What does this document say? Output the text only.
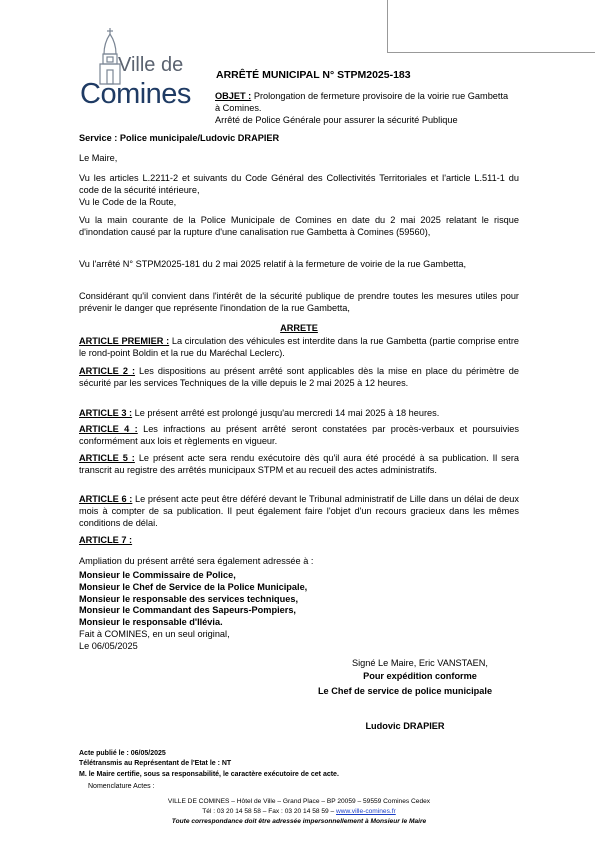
Ville de
Comines
ARRÊTÉ MUNICIPAL N° STPM2025-183
OBJET : Prolongation de fermeture provisoire de la voirie rue Gambetta à Comines.
Arrêté de Police Générale pour assurer la sécurité Publique
Service : Police municipale/Ludovic DRAPIER
Le Maire,
Vu les articles L.2211-2 et suivants du Code Général des Collectivités Territoriales et l'article L.511-1 du code de la sécurité intérieure,
Vu le Code de la Route,
Vu la main courante de la Police Municipale de Comines en date du 2 mai 2025 relatant le risque d'inondation causé par la rupture d'une canalisation rue Gambetta à Comines (59560),
Vu l'arrêté N° STPM2025-181 du 2 mai 2025 relatif à la fermeture de voirie de la rue Gambetta,
Considérant qu'il convient dans l'intérêt de la sécurité publique de prendre toutes les mesures utiles pour prévenir le danger que représente l'inondation de la rue Gambetta,
ARRETE
ARTICLE PREMIER : La circulation des véhicules est interdite dans la rue Gambetta (partie comprise entre le rond-point Boldin et la rue du Maréchal Leclerc).
ARTICLE 2 : Les dispositions au présent arrêté sont applicables dès la mise en place du périmètre de sécurité par les services Techniques de la ville depuis le 2 mai 2025 à 12 heures.
ARTICLE 3 : Le présent arrêté est prolongé jusqu'au mercredi 14 mai 2025 à 18 heures.
ARTICLE 4 : Les infractions au présent arrêté seront constatées par procès-verbaux et poursuivies conformément aux lois et règlements en vigueur.
ARTICLE 5 : Le présent acte sera rendu exécutoire dès qu'il aura été procédé à sa publication. Il sera transcrit au registre des arrêtés municipaux STPM et au recueil des actes administratifs.
ARTICLE 6 : Le présent acte peut être déféré devant le Tribunal administratif de Lille dans un délai de deux mois à compter de sa publication. Il peut également faire l'objet d'un recours gracieux dans les mêmes conditions de délai.
ARTICLE 7 :
Ampliation du présent arrêté sera également adressée à :
Monsieur le Commissaire de Police,
Monsieur le Chef de Service de la Police Municipale,
Monsieur le responsable des services techniques,
Monsieur le Commandant des Sapeurs-Pompiers,
Monsieur le responsable d'Ilévia.
Fait à COMINES, en un seul original,
Le 06/05/2025
Signé Le Maire, Eric VANSTAEN,
Pour expédition conforme
Le Chef de service de police municipale
Ludovic DRAPIER
Acte publié le : 06/05/2025
Télétransmis au Représentant de l'Etat le : NT
M. le Maire certifie, sous sa responsabilité, le caractère exécutoire de cet acte.
Nomenclature Actes :
VILLE DE COMINES – Hôtel de Ville – Grand Place – BP 20059 – 59559 Comines Cedex
Tél : 03 20 14 58 58 – Fax : 03 20 14 58 59 – www.ville-comines.fr
Toute correspondance doit être adressée impersonnellement à Monsieur le Maire
